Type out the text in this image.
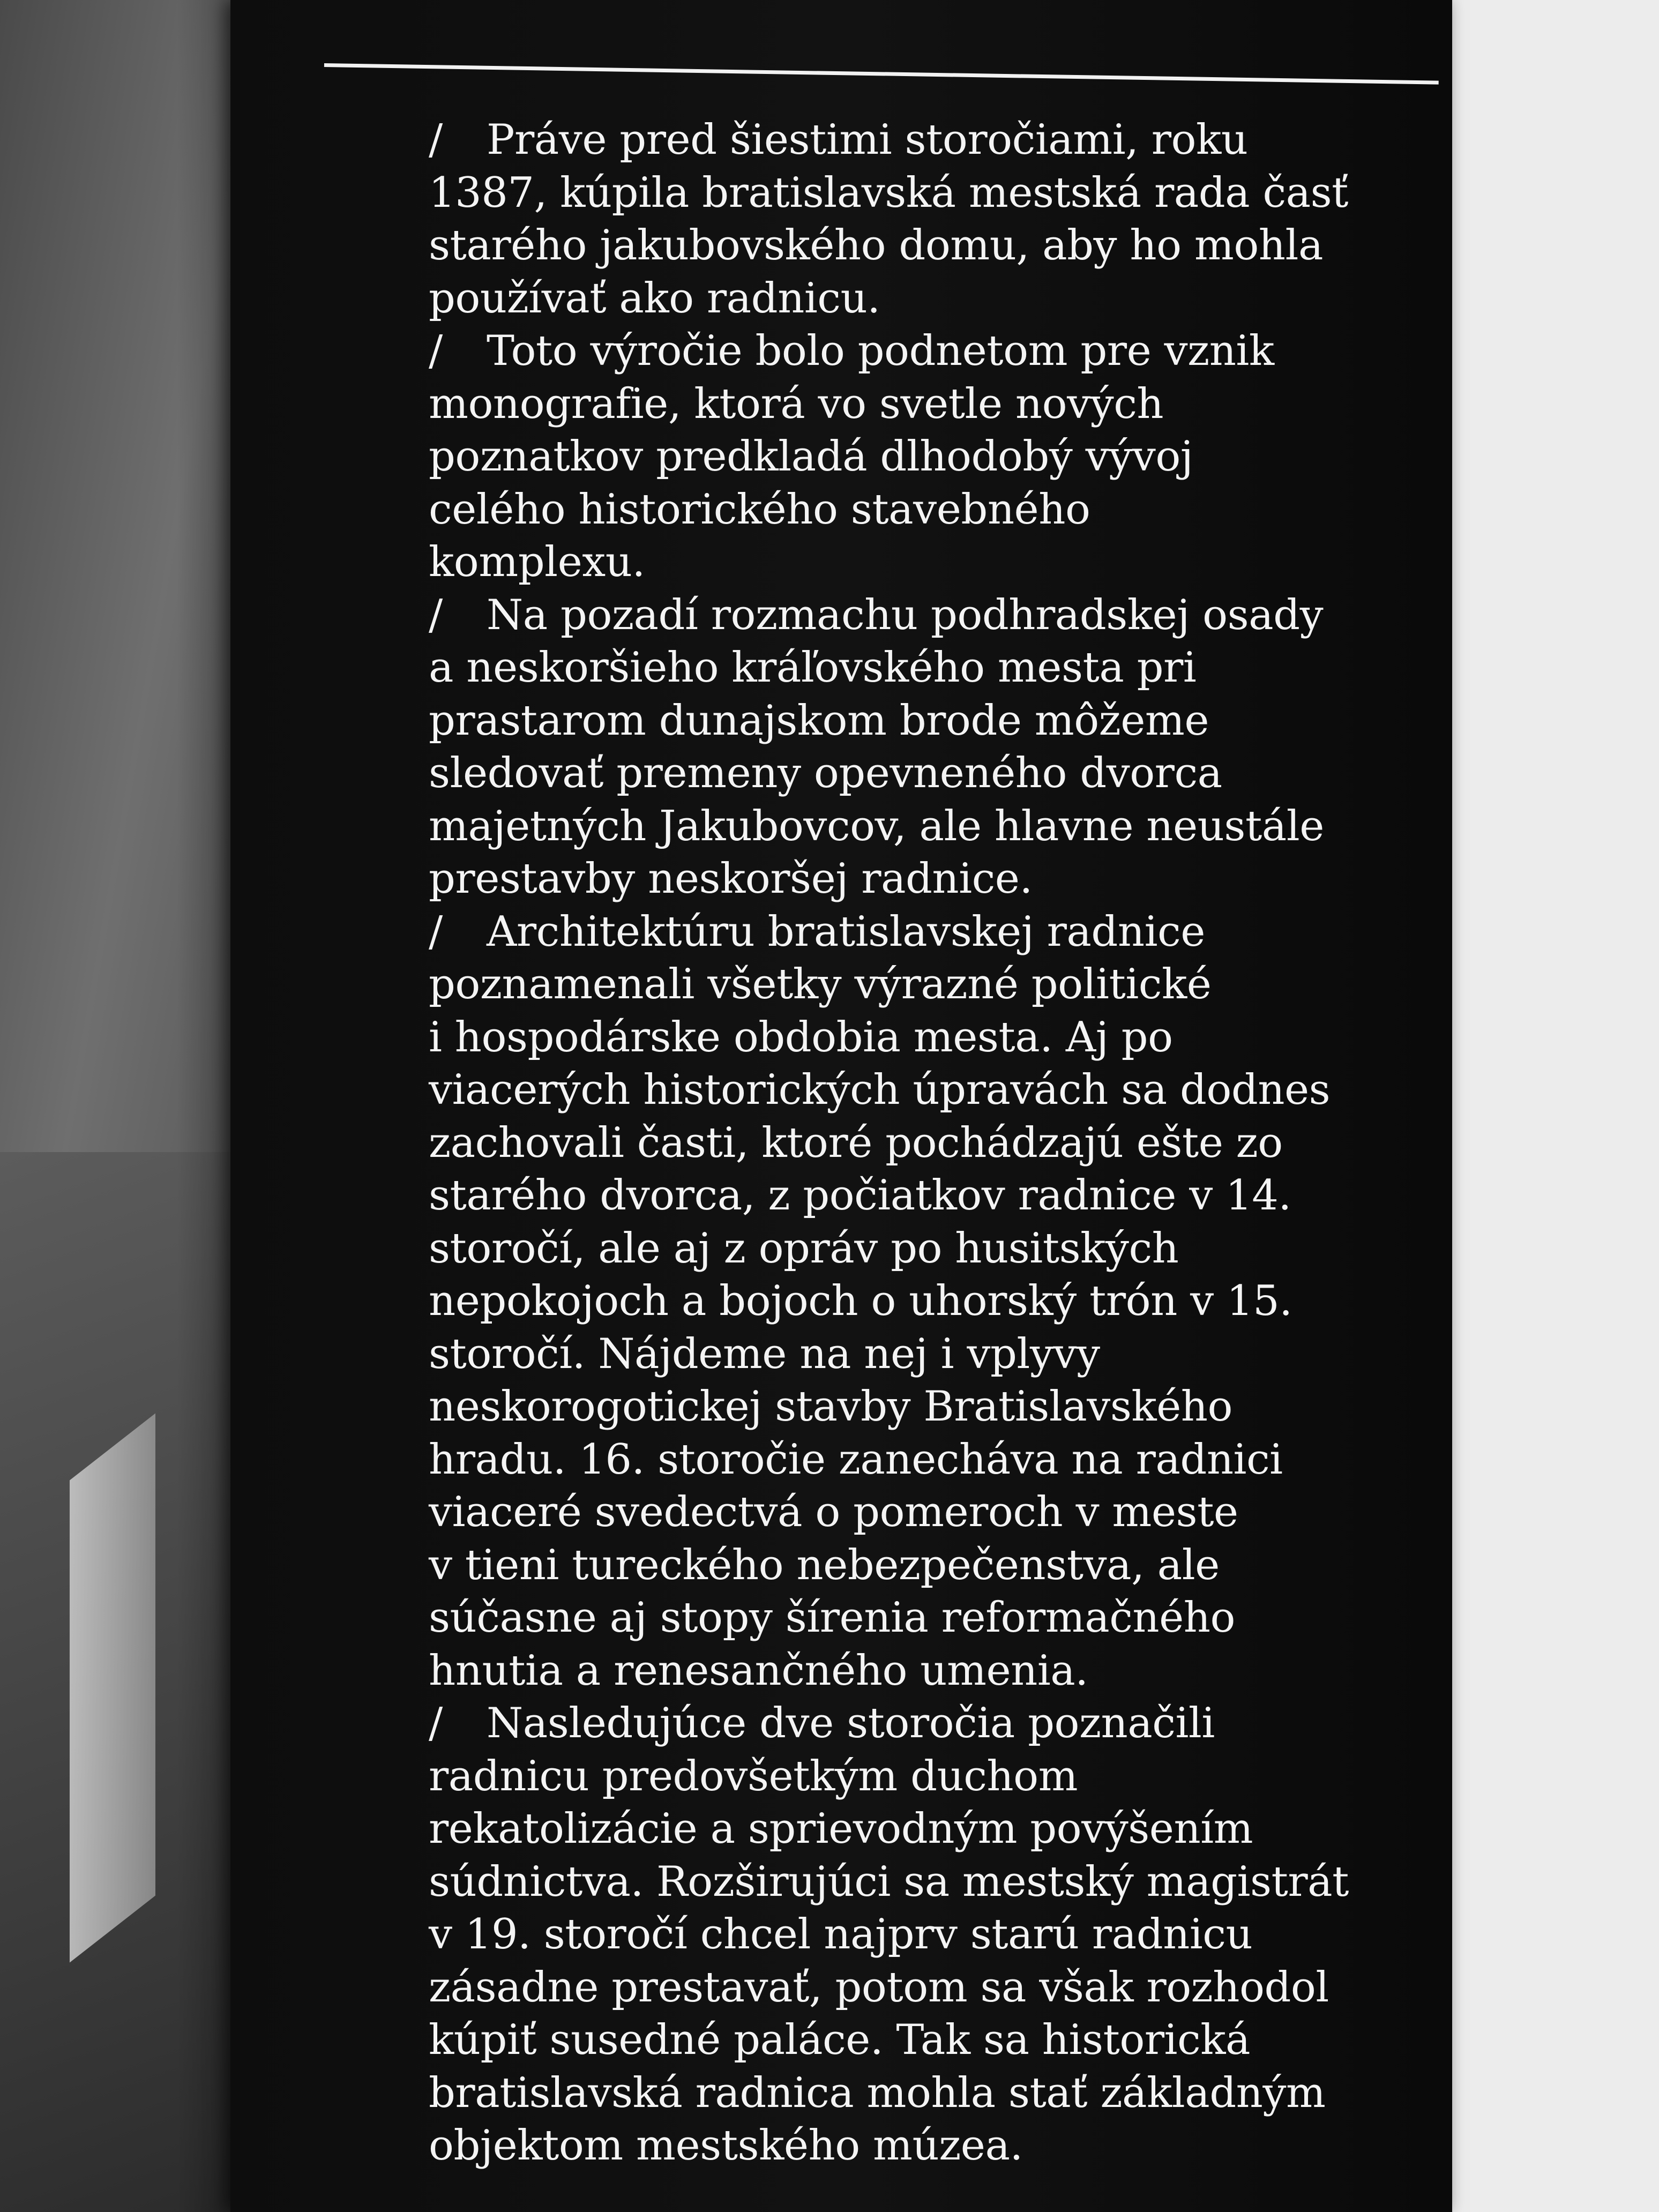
/ Práve pred šiestimi storočiami, roku
1387, kúpila bratislavská mestská rada časť
starého jakubovského domu, aby ho mohla
používať ako radnicu.

/ Toto výročie bolo podnetom pre vznik
monografie, ktorá vo svetle nových
poznatkov predkladá dlhodobý vývoj
celého historického stavebného
komplexu.

/ Na pozadí rozmachu podhradskej osady
a neskoršieho kráľovského mesta pri
prastarom dunajskom brode môžeme
sledovať premeny opevneného dvorca
majetných Jakubovcov, ale hlavne neustále
prestavby neskoršej radnice.

/ Architektúru bratislavskej radnice
poznamenali všetky výrazné politické
i hospodárske obdobia mesta. Aj po
viacerých historických úpravách sa dodnes
zachovali časti, ktoré pochádzajú ešte zo
starého dvorca, z počiatkov radnice v 14.
storočí, ale aj z opráv po husitských
nepokojoch a bojoch o uhorský trón v 15.
storočí. Nájdeme na nej i vplyvy
neskorogotickej stavby Bratislavského
hradu. 16. storočie zanecháva na radnici
viaceré svedectvá o pomeroch v meste
v tieni tureckého nebezpečenstva, ale
súčasne aj stopy šírenia reformačného
hnutia a renesančného umenia.

/ Nasledujúce dve storočia poznačili
radnicu predovšetkým duchom
rekatolizácie a sprievodným povýšením
súdnictva. Rozširujúci sa mestský magistrát
v 19. storočí chcel najprv starú radnicu
zásadne prestavať, potom sa však rozhodol
kúpiť susedné paláce. Tak sa historická
bratislavská radnica mohla stať základným
objektom mestského múzea.
